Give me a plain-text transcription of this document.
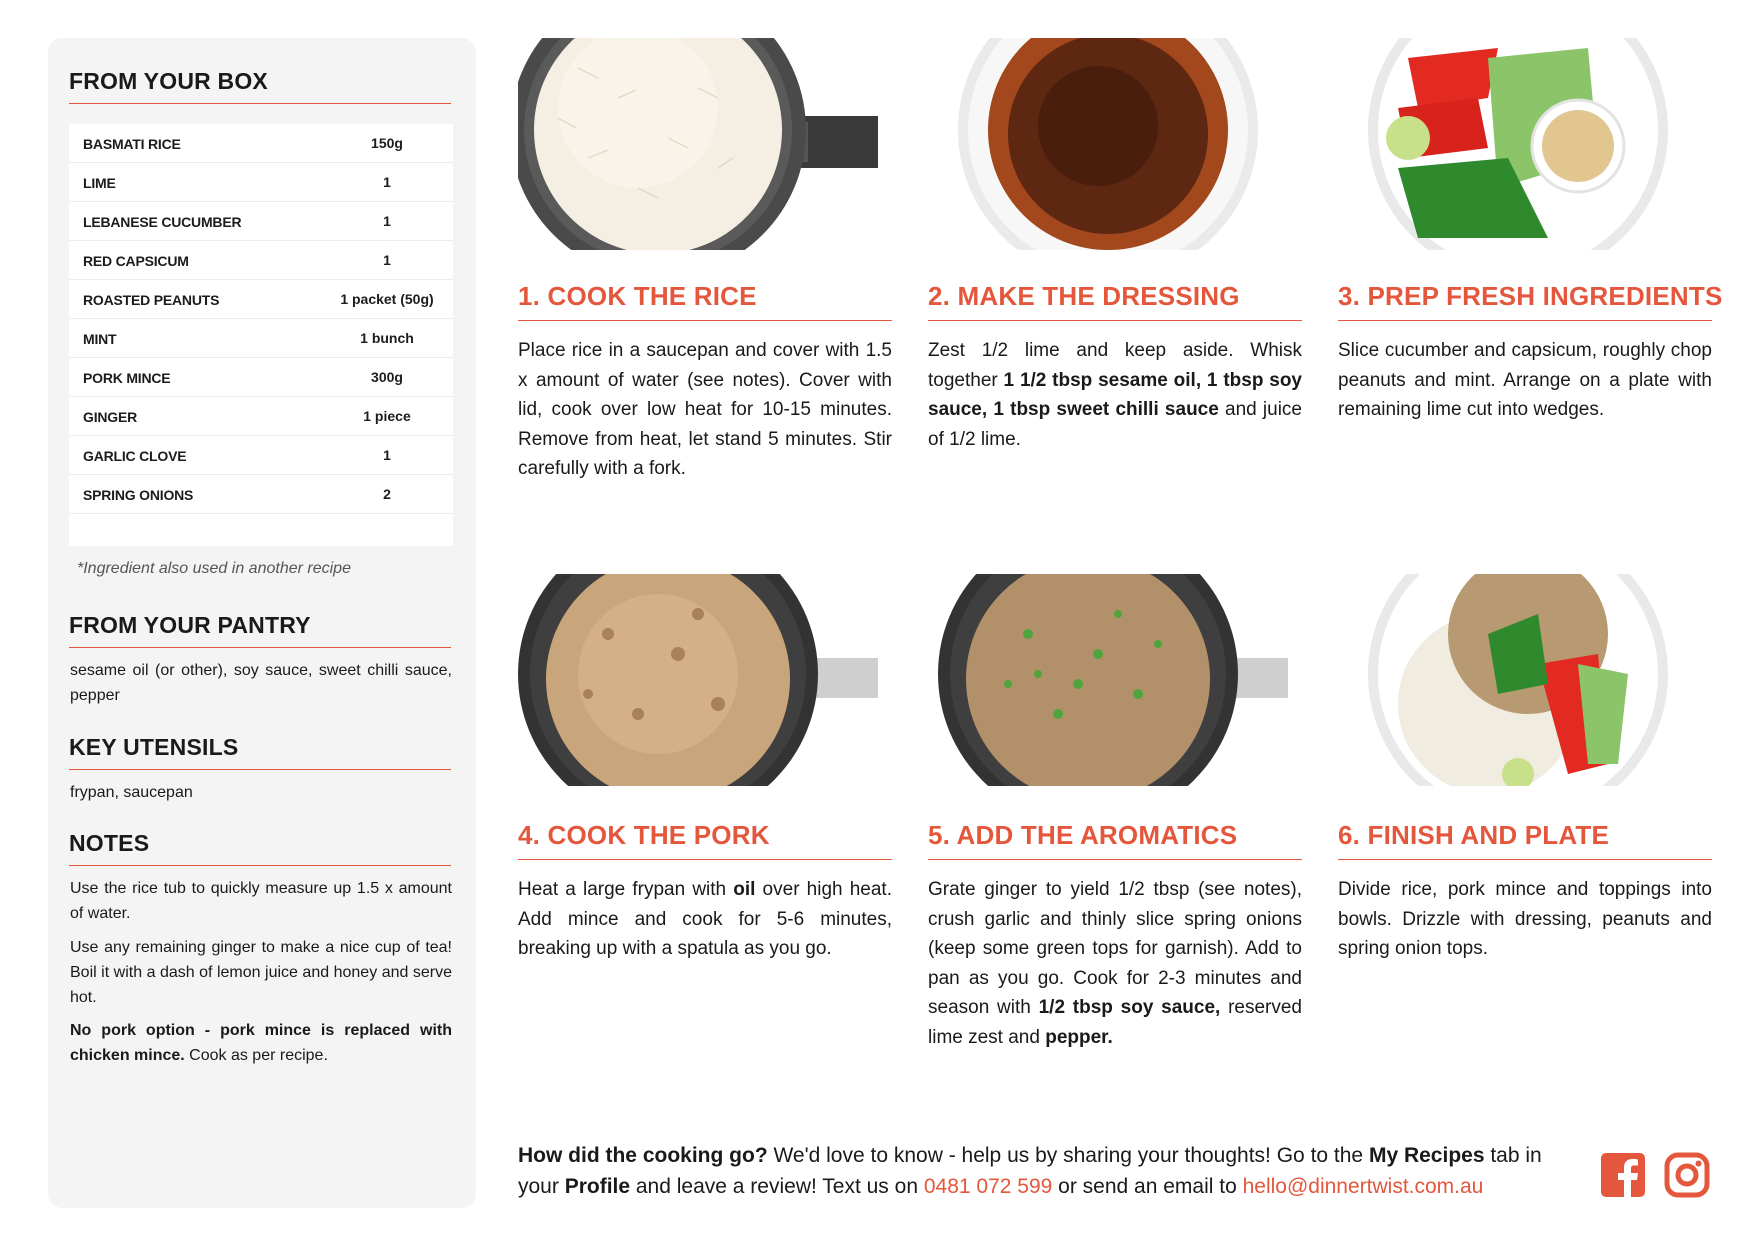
FROM YOUR BOX
BASMATI RICE	150g
LIME	1
LEBANESE CUCUMBER	1
RED CAPSICUM	1
ROASTED PEANUTS	1 packet (50g)
MINT	1 bunch
PORK MINCE	300g
GINGER	1 piece
GARLIC CLOVE	1
SPRING ONIONS	2
*Ingredient also used in another recipe
FROM YOUR PANTRY
sesame oil (or other), soy sauce, sweet chilli sauce, pepper
KEY UTENSILS
frypan, saucepan
NOTES
Use the rice tub to quickly measure up 1.5 x amount of water.
Use any remaining ginger to make a nice cup of tea! Boil it with a dash of lemon juice and honey and serve hot.
No pork option - pork mince is replaced with chicken mince. Cook as per recipe.
1. COOK THE RICE
Place rice in a saucepan and cover with 1.5 x amount of water (see notes). Cover with lid, cook over low heat for 10-15 minutes. Remove from heat, let stand 5 minutes. Stir carefully with a fork.
2. MAKE THE DRESSING
Zest 1/2 lime and keep aside. Whisk together 1 1/2 tbsp sesame oil, 1 tbsp soy sauce, 1 tbsp sweet chilli sauce and juice of 1/2 lime.
3. PREP FRESH INGREDIENTS
Slice cucumber and capsicum, roughly chop peanuts and mint. Arrange on a plate with remaining lime cut into wedges.
4. COOK THE PORK
Heat a large frypan with oil over high heat. Add mince and cook for 5-6 minutes, breaking up with a spatula as you go.
5. ADD THE AROMATICS
Grate ginger to yield 1/2 tbsp (see notes), crush garlic and thinly slice spring onions (keep some green tops for garnish). Add to pan as you go. Cook for 2-3 minutes and season with 1/2 tbsp soy sauce, reserved lime zest and pepper.
6. FINISH AND PLATE
Divide rice, pork mince and toppings into bowls. Drizzle with dressing, peanuts and spring onion tops.
How did the cooking go? We'd love to know - help us by sharing your thoughts! Go to the My Recipes tab in your Profile and leave a review! Text us on 0481 072 599 or send an email to hello@dinnertwist.com.au
